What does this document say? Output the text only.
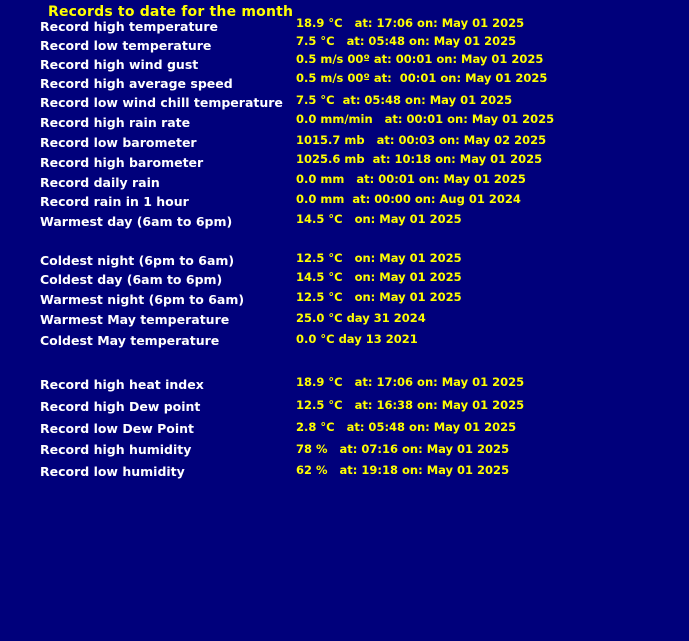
Records to date for the month
Record high temperature	18.9 °C   at: 17:06 on: May 01 2025
Record low temperature	7.5 °C   at: 05:48 on: May 01 2025
Record high wind gust	0.5 m/s 00º at: 00:01 on: May 01 2025
Record high average speed	0.5 m/s 00º at:  00:01 on: May 01 2025
Record low wind chill temperature 7.5 °C  at: 05:48 on: May 01 2025
Record high rain rate	0.0 mm/min   at: 00:01 on: May 01 2025
Record low barometer	1015.7 mb   at: 00:03 on: May 02 2025
Record high barometer	1025.6 mb  at: 10:18 on: May 01 2025
Record daily rain	0.0 mm   at: 00:01 on: May 01 2025
Record rain in 1 hour	0.0 mm  at: 00:00 on: Aug 01 2024
Warmest day (6am to 6pm)	14.5 °C   on: May 01 2025
Coldest night (6pm to 6am)	12.5 °C   on: May 01 2025
Coldest day (6am to 6pm)	14.5 °C   on: May 01 2025
Warmest night (6pm to 6am)	12.5 °C   on: May 01 2025
Warmest May temperature	25.0 °C day 31 2024
Coldest May temperature	0.0 °C day 13 2021
Record high heat index	18.9 °C   at: 17:06 on: May 01 2025
Record high Dew point	12.5 °C   at: 16:38 on: May 01 2025
Record low Dew Point	2.8 °C   at: 05:48 on: May 01 2025
Record high humidity	78 %   at: 07:16 on: May 01 2025
Record low humidity	62 %   at: 19:18 on: May 01 2025
